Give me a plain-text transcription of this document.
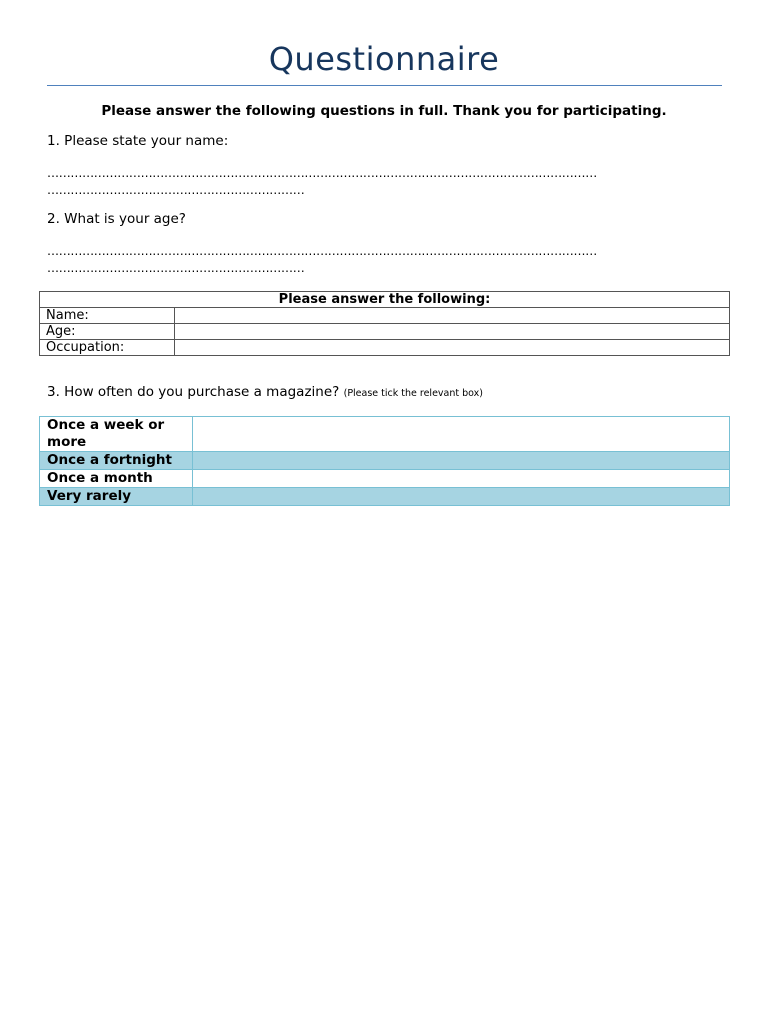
Questionnaire
Please answer the following questions in full. Thank you for participating.
1. Please state your name:
……………………………………………………………………………………………………………………………
…………………………………………………………
2. What is your age?
……………………………………………………………………………………………………………………………
…………………………………………………………
Please answer the following:	
Name:	
Age:	
Occupation:	
3. How often do you purchase a magazine? (Please tick the relevant box)
Once a week or more	
Once a fortnight	
Once a month	
Very rarely	
